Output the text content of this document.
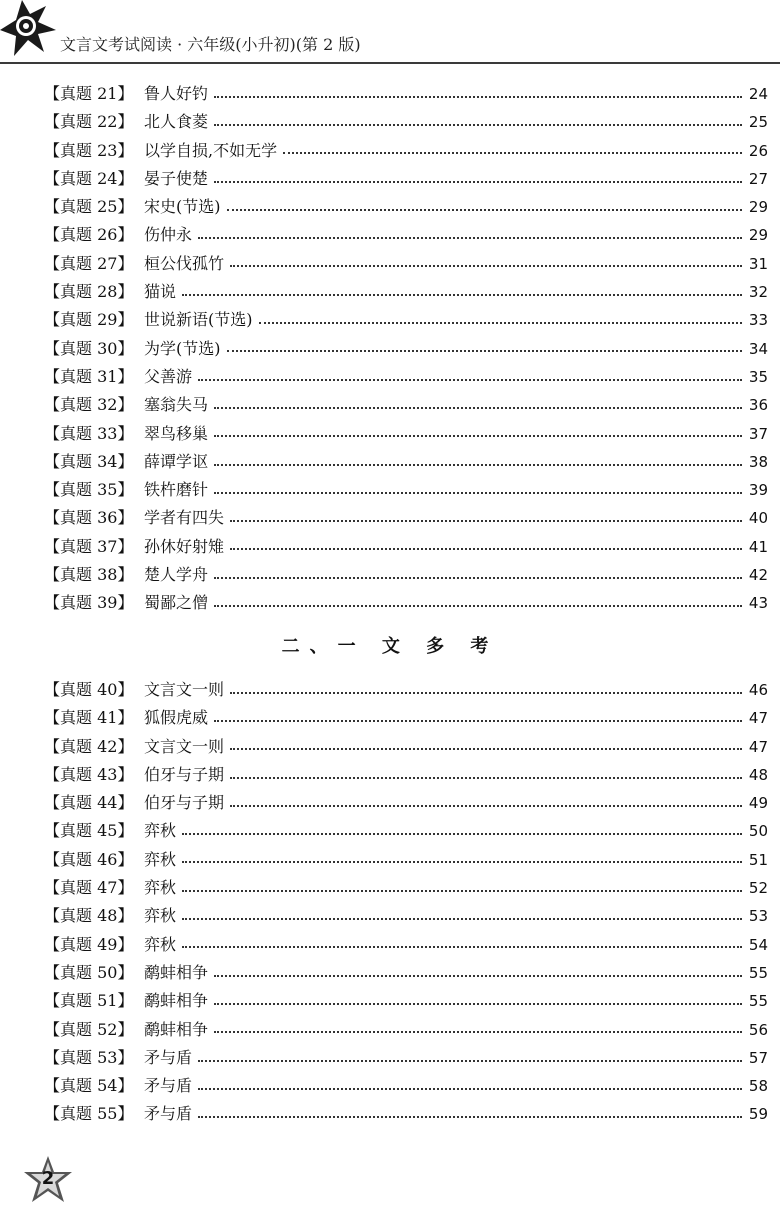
文言文考试阅读 · 六年级(小升初)(第 2 版)
【真题 21】 鲁人好钓	24
【真题 22】 北人食菱	25
【真题 23】 以学自损,不如无学	26
【真题 24】 晏子使楚	27
【真题 25】 宋史(节选)	29
【真题 26】 伤仲永	29
【真题 27】 桓公伐孤竹	31
【真题 28】 猫说	32
【真题 29】 世说新语(节选)	33
【真题 30】 为学(节选)	34
【真题 31】 父善游	35
【真题 32】 塞翁失马	36
【真题 33】 翠鸟移巢	37
【真题 34】 薛谭学讴	38
【真题 35】 铁杵磨针	39
【真题 36】 学者有四失	40
【真题 37】 孙休好射雉	41
【真题 38】 楚人学舟	42
【真题 39】 蜀鄙之僧	43
二、一 文 多 考
【真题 40】 文言文一则	46
【真题 41】 狐假虎威	47
【真题 42】 文言文一则	47
【真题 43】 伯牙与子期	48
【真题 44】 伯牙与子期	49
【真题 45】 弈秋	50
【真题 46】 弈秋	51
【真题 47】 弈秋	52
【真题 48】 弈秋	53
【真题 49】 弈秋	54
【真题 50】 鹬蚌相争	55
【真题 51】 鹬蚌相争	55
【真题 52】 鹬蚌相争	56
【真题 53】 矛与盾	57
【真题 54】 矛与盾	58
【真题 55】 矛与盾	59
2
